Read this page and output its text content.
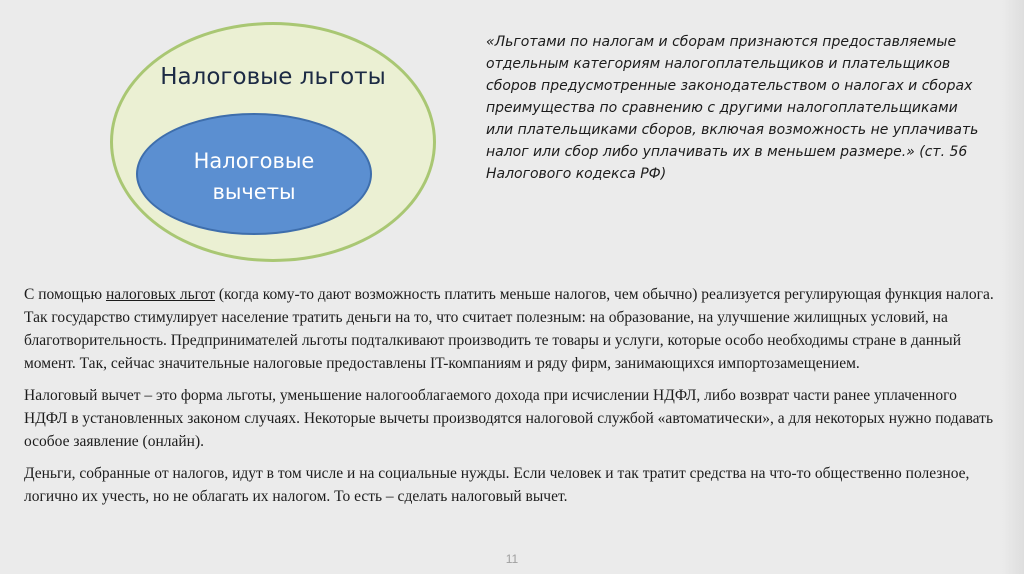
Налоговые льготы
Налоговые
вычеты

«Льготами по налогам и сборам признаются предоставляемые отдельным категориям налогоплательщиков и плательщиков сборов предусмотренные законодательством о налогах и сборах преимущества по сравнению с другими налогоплательщиками или плательщиками сборов, включая возможность не уплачивать налог или сбор либо уплачивать их в меньшем размере.» (ст. 56 Налогового кодекса РФ)

С помощью налоговых льгот (когда кому-то дают возможность платить меньше налогов, чем обычно) реализуется регулирующая функция налога. Так государство стимулирует население тратить деньги на то, что считает полезным: на образование, на улучшение жилищных условий, на благотворительность. Предпринимателей льготы подталкивают производить те товары и услуги, которые особо необходимы стране в данный момент. Так, сейчас значительные налоговые предоставлены IT-компаниям и ряду фирм, занимающихся импортозамещением.

Налоговый вычет – это форма льготы, уменьшение налогооблагаемого дохода при исчислении НДФЛ, либо возврат части ранее уплаченного НДФЛ в установленных законом случаях. Некоторые вычеты производятся налоговой службой «автоматически», а для некоторых нужно подавать особое заявление (онлайн).

Деньги, собранные от налогов, идут в том числе и на социальные нужды. Если человек и так тратит средства на что-то общественно полезное, логично их учесть, но не облагать их налогом. То есть – сделать налоговый вычет.

11
